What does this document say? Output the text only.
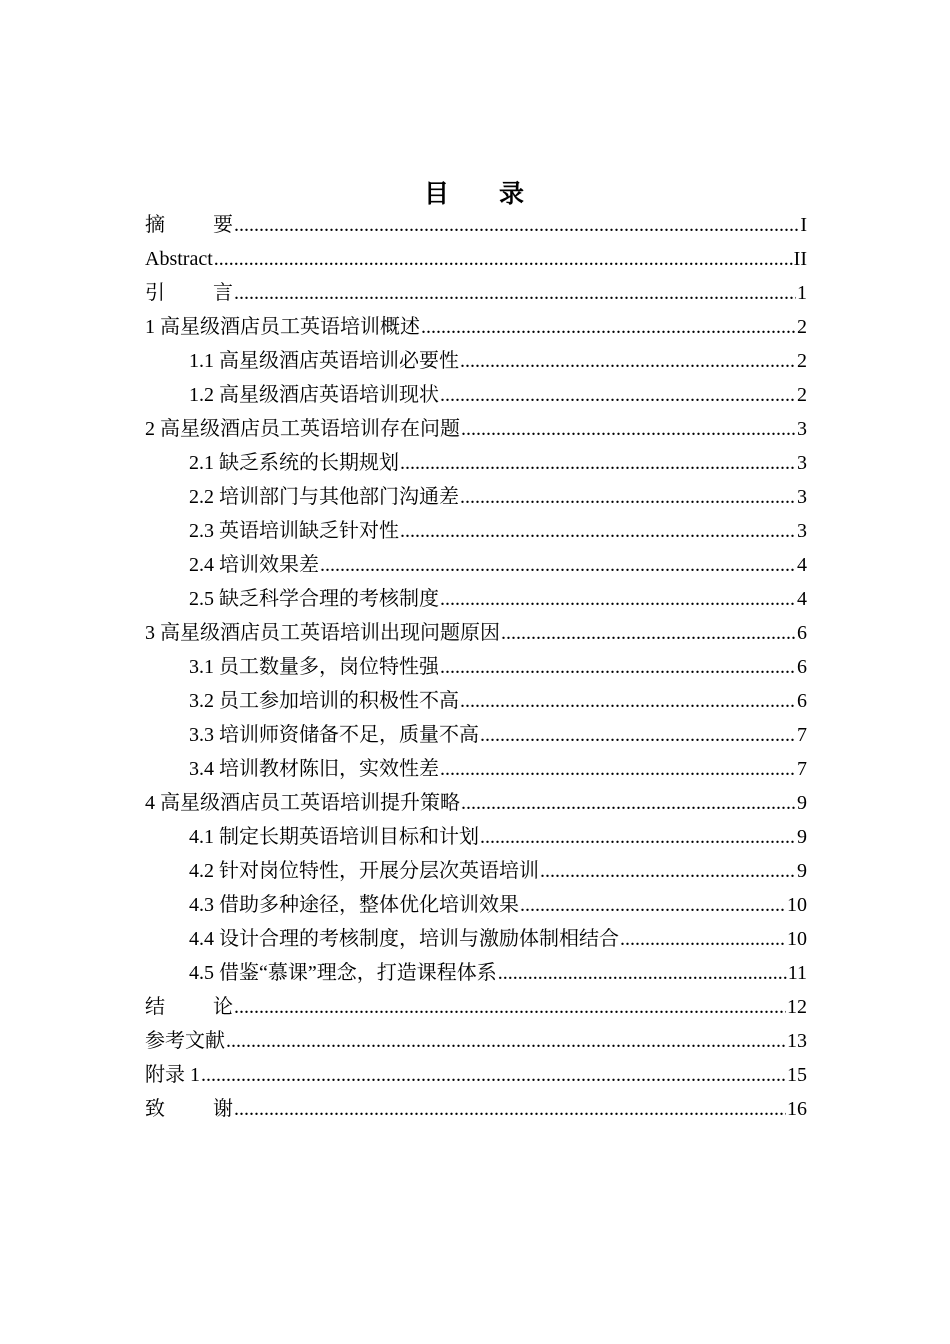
目 录
摘 要 .....	I
Abstract .....	II
引 言 .....	1
1 高星级酒店员工英语培训概述 .....	2
1.1 高星级酒店英语培训必要性 .....	2
1.2 高星级酒店英语培训现状 .....	2
2 高星级酒店员工英语培训存在问题 .....	3
2.1 缺乏系统的长期规划 .....	3
2.2 培训部门与其他部门沟通差 .....	3
2.3 英语培训缺乏针对性 .....	3
2.4 培训效果差 .....	4
2.5 缺乏科学合理的考核制度 .....	4
3 高星级酒店员工英语培训出现问题原因 .....	6
3.1 员工数量多，岗位特性强 .....	6
3.2 员工参加培训的积极性不高 .....	6
3.3 培训师资储备不足，质量不高 .....	7
3.4 培训教材陈旧，实效性差 .....	7
4 高星级酒店员工英语培训提升策略 .....	9
4.1 制定长期英语培训目标和计划 .....	9
4.2 针对岗位特性，开展分层次英语培训 .....	9
4.3 借助多种途径，整体优化培训效果 .....	10
4.4 设计合理的考核制度，培训与激励体制相结合 .....	10
4.5 借鉴“慕课”理念，打造课程体系 .....	11
结 论 .....	12
参考文献 .....	13
附录 1 .....	15
致 谢 .....	16
